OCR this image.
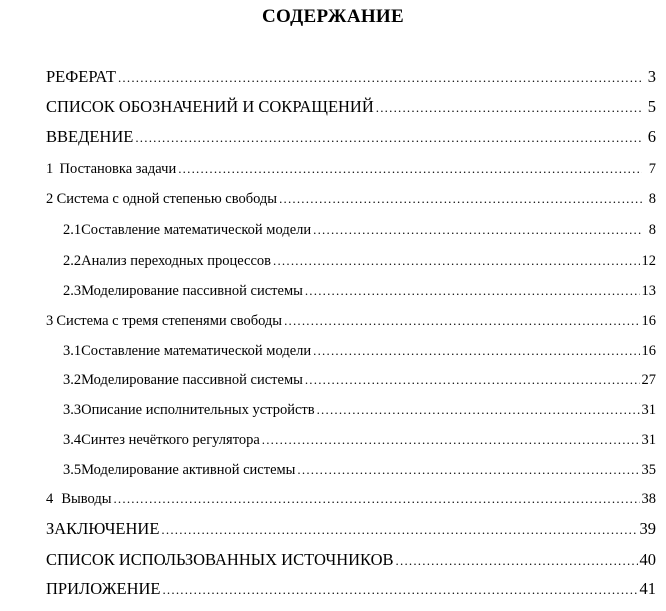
СОДЕРЖАНИЕ
РЕФЕРАТ .....	3
СПИСОК ОБОЗНАЧЕНИЙ И СОКРАЩЕНИЙ .....	5
ВВЕДЕНИЕ .....	6
1 Постановка задачи .....	7
2 Система с одной степенью свободы .....	8
2.1 Составление математической модели .....	8
2.2 Анализ переходных процессов .....	12
2.3 Моделирование пассивной системы .....	13
3 Система с тремя степенями свободы .....	16
3.1 Составление математической модели .....	16
3.2 Моделирование пассивной системы .....	27
3.3 Описание исполнительных устройств .....	31
3.4 Синтез нечёткого регулятора .....	31
3.5 Моделирование активной системы .....	35
4 Выводы .....	38
ЗАКЛЮЧЕНИЕ .....	39
СПИСОК ИСПОЛЬЗОВАННЫХ ИСТОЧНИКОВ .....	40
ПРИЛОЖЕНИЕ .....	41
